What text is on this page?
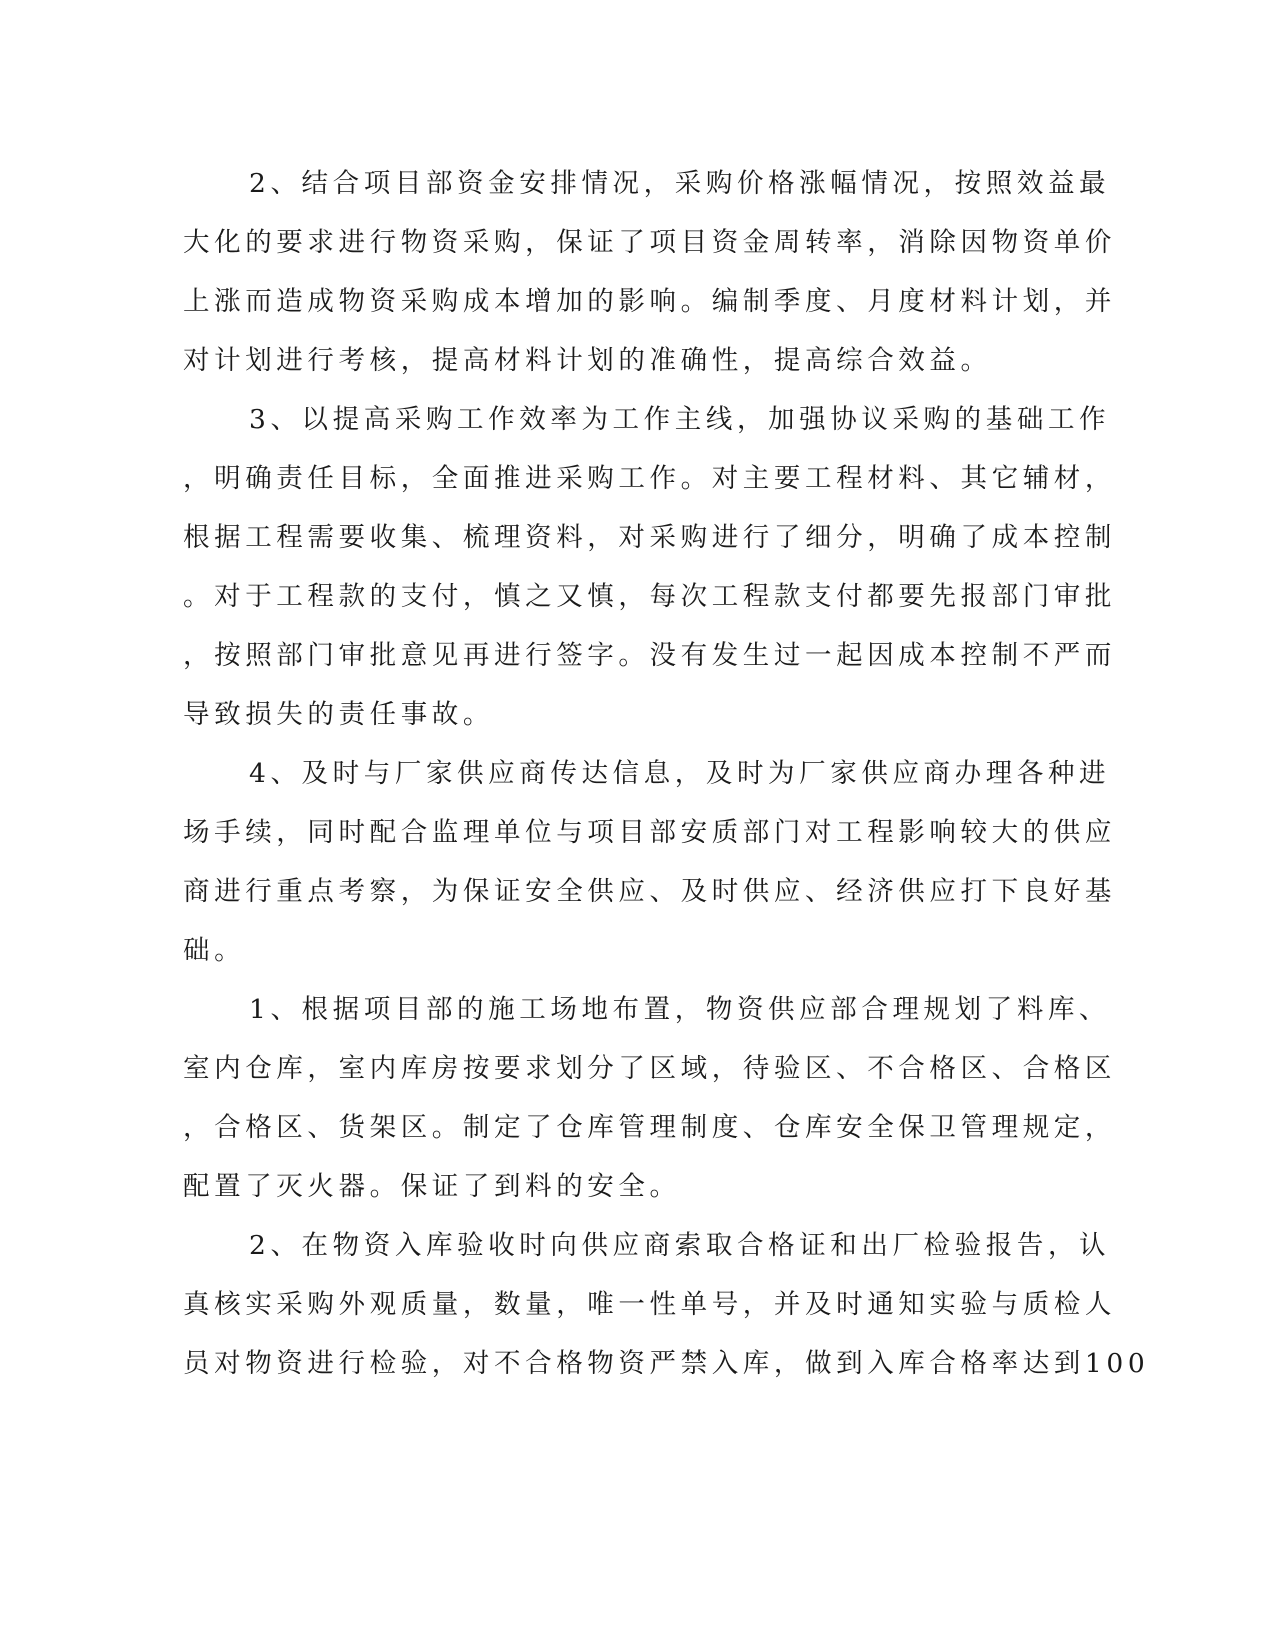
2、结合项目部资金安排情况，采购价格涨幅情况，按照效益最
大化的要求进行物资采购，保证了项目资金周转率，消除因物资单价
上涨而造成物资采购成本增加的影响。编制季度、月度材料计划，并
对计划进行考核，提高材料计划的准确性，提高综合效益。
3、以提高采购工作效率为工作主线，加强协议采购的基础工作
，明确责任目标，全面推进采购工作。对主要工程材料、其它辅材，
根据工程需要收集、梳理资料，对采购进行了细分，明确了成本控制
。对于工程款的支付，慎之又慎，每次工程款支付都要先报部门审批
，按照部门审批意见再进行签字。没有发生过一起因成本控制不严而
导致损失的责任事故。
4、及时与厂家供应商传达信息，及时为厂家供应商办理各种进
场手续，同时配合监理单位与项目部安质部门对工程影响较大的供应
商进行重点考察，为保证安全供应、及时供应、经济供应打下良好基
础。
1、根据项目部的施工场地布置，物资供应部合理规划了料库、
室内仓库，室内库房按要求划分了区域，待验区、不合格区、合格区
，合格区、货架区。制定了仓库管理制度、仓库安全保卫管理规定，
配置了灭火器。保证了到料的安全。
2、在物资入库验收时向供应商索取合格证和出厂检验报告，认
真核实采购外观质量，数量，唯一性单号，并及时通知实验与质检人
员对物资进行检验，对不合格物资严禁入库，做到入库合格率达到100
